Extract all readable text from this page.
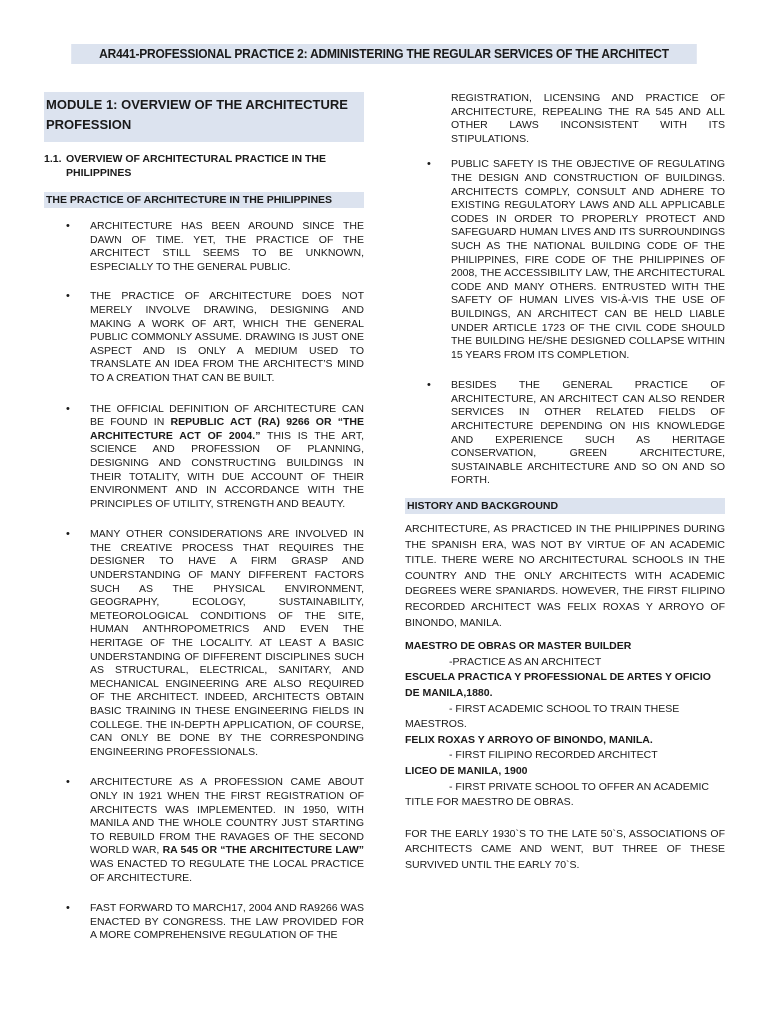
AR441-PROFESSIONAL PRACTICE 2: ADMINISTERING THE REGULAR SERVICES OF THE ARCHITECT
MODULE 1: OVERVIEW OF THE ARCHITECTURE PROFESSION
1.1. OVERVIEW OF ARCHITECTURAL PRACTICE IN THE PHILIPPINES
THE PRACTICE OF ARCHITECTURE IN THE PHILIPPINES
• ARCHITECTURE HAS BEEN AROUND SINCE THE DAWN OF TIME. YET, THE PRACTICE OF THE ARCHITECT STILL SEEMS TO BE UNKNOWN, ESPECIALLY TO THE GENERAL PUBLIC.
• THE PRACTICE OF ARCHITECTURE DOES NOT MERELY INVOLVE DRAWING, DESIGNING AND MAKING A WORK OF ART, WHICH THE GENERAL PUBLIC COMMONLY ASSUME. DRAWING IS JUST ONE ASPECT AND IS ONLY A MEDIUM USED TO TRANSLATE AN IDEA FROM THE ARCHITECT’S MIND TO A CREATION THAT CAN BE BUILT.
• THE OFFICIAL DEFINITION OF ARCHITECTURE CAN BE FOUND IN REPUBLIC ACT (RA) 9266 OR “THE ARCHITECTURE ACT OF 2004.” THIS IS THE ART, SCIENCE AND PROFESSION OF PLANNING, DESIGNING AND CONSTRUCTING BUILDINGS IN THEIR TOTALITY, WITH DUE ACCOUNT OF THEIR ENVIRONMENT AND IN ACCORDANCE WITH THE PRINCIPLES OF UTILITY, STRENGTH AND BEAUTY.
• MANY OTHER CONSIDERATIONS ARE INVOLVED IN THE CREATIVE PROCESS THAT REQUIRES THE DESIGNER TO HAVE A FIRM GRASP AND UNDERSTANDING OF MANY DIFFERENT FACTORS SUCH AS THE PHYSICAL ENVIRONMENT, GEOGRAPHY, ECOLOGY, SUSTAINABILITY, METEOROLOGICAL CONDITIONS OF THE SITE, HUMAN ANTHROPOMETRICS AND EVEN THE HERITAGE OF THE LOCALITY. AT LEAST A BASIC UNDERSTANDING OF DIFFERENT DISCIPLINES SUCH AS STRUCTURAL, ELECTRICAL, SANITARY, AND MECHANICAL ENGINEERING ARE ALSO REQUIRED OF THE ARCHITECT. INDEED, ARCHITECTS OBTAIN BASIC TRAINING IN THESE ENGINEERING FIELDS IN COLLEGE. THE IN-DEPTH APPLICATION, OF COURSE, CAN ONLY BE DONE BY THE CORRESPONDING ENGINEERING PROFESSIONALS.
• ARCHITECTURE AS A PROFESSION CAME ABOUT ONLY IN 1921 WHEN THE FIRST REGISTRATION OF ARCHITECTS WAS IMPLEMENTED. IN 1950, WITH MANILA AND THE WHOLE COUNTRY JUST STARTING TO REBUILD FROM THE RAVAGES OF THE SECOND WORLD WAR, RA 545 OR “THE ARCHITECTURE LAW” WAS ENACTED TO REGULATE THE LOCAL PRACTICE OF ARCHITECTURE.
• FAST FORWARD TO MARCH17, 2004 AND RA9266 WAS ENACTED BY CONGRESS. THE LAW PROVIDED FOR A MORE COMPREHENSIVE REGULATION OF THE

REGISTRATION, LICENSING AND PRACTICE OF ARCHITECTURE, REPEALING THE RA 545 AND ALL OTHER LAWS INCONSISTENT WITH ITS STIPULATIONS.

• PUBLIC SAFETY IS THE OBJECTIVE OF REGULATING THE DESIGN AND CONSTRUCTION OF BUILDINGS. ARCHITECTS COMPLY, CONSULT AND ADHERE TO EXISTING REGULATORY LAWS AND ALL APPLICABLE CODES IN ORDER TO PROPERLY PROTECT AND SAFEGUARD HUMAN LIVES AND ITS SURROUNDINGS SUCH AS THE NATIONAL BUILDING CODE OF THE PHILIPPINES, FIRE CODE OF THE PHILIPPINES OF 2008, THE ACCESSIBILITY LAW, THE ARCHITECTURAL CODE AND MANY OTHERS. ENTRUSTED WITH THE SAFETY OF HUMAN LIVES VIS-À-VIS THE USE OF BUILDINGS, AN ARCHITECT CAN BE HELD LIABLE UNDER ARTICLE 1723 OF THE CIVIL CODE SHOULD THE BUILDING HE/SHE DESIGNED COLLAPSE WITHIN 15 YEARS FROM ITS COMPLETION.
• BESIDES THE GENERAL PRACTICE OF ARCHITECTURE, AN ARCHITECT CAN ALSO RENDER SERVICES IN OTHER RELATED FIELDS OF ARCHITECTURE DEPENDING ON HIS KNOWLEDGE AND EXPERIENCE SUCH AS HERITAGE CONSERVATION, GREEN ARCHITECTURE, SUSTAINABLE ARCHITECTURE AND SO ON AND SO FORTH.
HISTORY AND BACKGROUND

ARCHITECTURE, AS PRACTICED IN THE PHILIPPINES DURING THE SPANISH ERA, WAS NOT BY VIRTUE OF AN ACADEMIC TITLE. THERE WERE NO ARCHITECTURAL SCHOOLS IN THE COUNTRY AND THE ONLY ARCHITECTS WITH ACADEMIC DEGREES WERE SPANIARDS. HOWEVER, THE FIRST FILIPINO RECORDED ARCHITECT WAS FELIX ROXAS Y ARROYO OF BINONDO, MANILA.

MAESTRO DE OBRAS OR MASTER BUILDER
-PRACTICE AS AN ARCHITECT
ESCUELA PRACTICA Y PROFESSIONAL DE ARTES Y OFICIO DE MANILA,1880.
- FIRST ACADEMIC SCHOOL TO TRAIN THESE MAESTROS.
FELIX ROXAS Y ARROYO OF BINONDO, MANILA.
- FIRST FILIPINO RECORDED ARCHITECT
LICEO DE MANILA, 1900
- FIRST PRIVATE SCHOOL TO OFFER AN ACADEMIC TITLE FOR MAESTRO DE OBRAS.

FOR THE EARLY 1930`S TO THE LATE 50`S, ASSOCIATIONS OF ARCHITECTS CAME AND WENT, BUT THREE OF THESE SURVIVED UNTIL THE EARLY 70`S.
